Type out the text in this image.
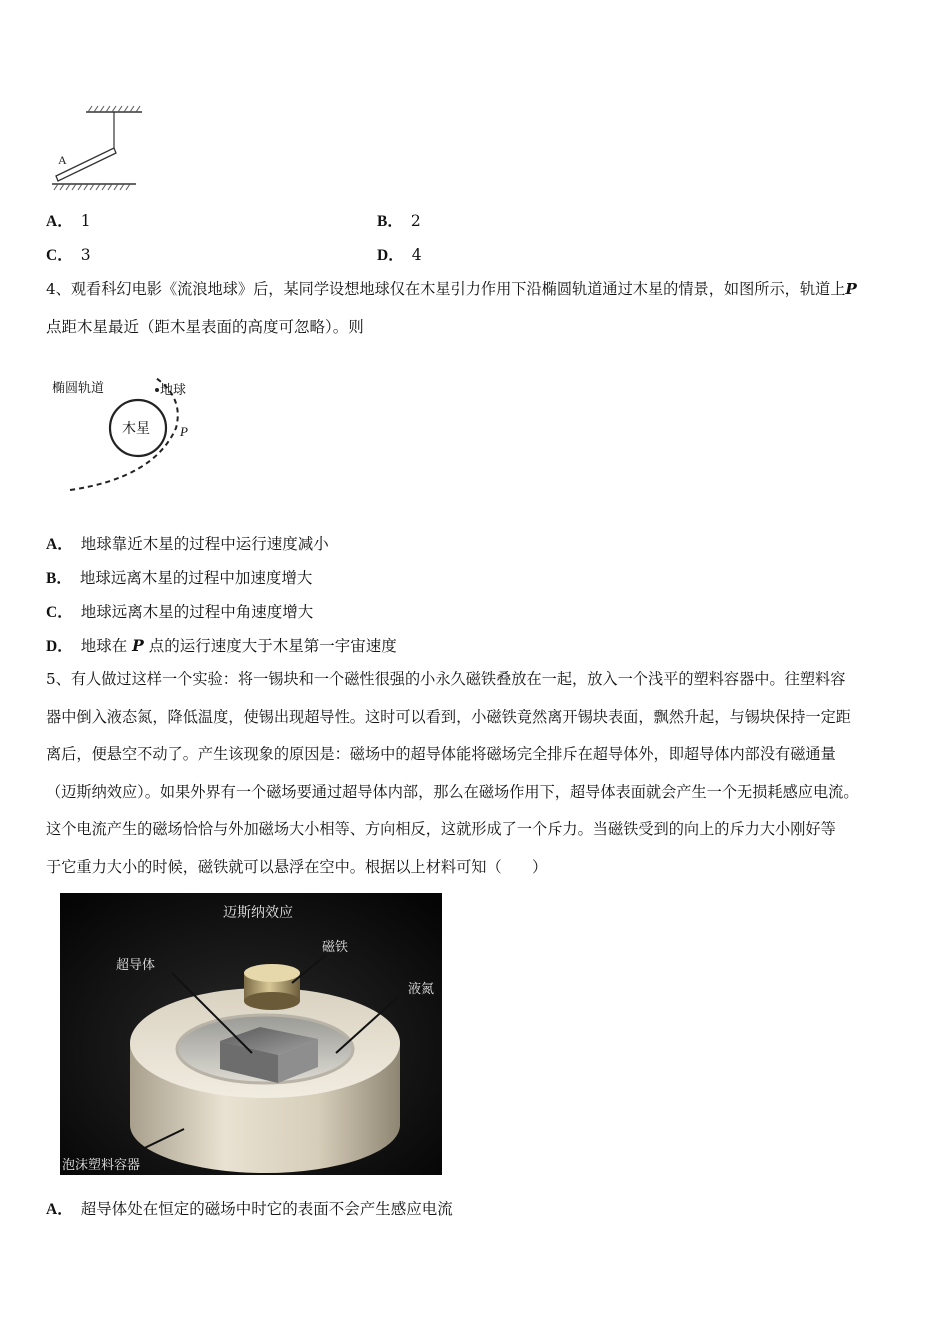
A
A． 1	B． 2
C． 3	D． 4
4、观看科幻电影《流浪地球》后，某同学设想地球仅在木星引力作用下沿椭圆轨道通过木星的情景，如图所示，轨道上P
点距木星最近（距木星表面的高度可忽略）。则
木星
椭圆轨道	地球
P
A． 地球靠近木星的过程中运行速度减小
B． 地球远离木星的过程中加速度增大
C． 地球远离木星的过程中角速度增大
D． 地球在 P 点的运行速度大于木星第一宇宙速度
5、有人做过这样一个实验：将一锡块和一个磁性很强的小永久磁铁叠放在一起，放入一个浅平的塑料容器中。往塑料容
器中倒入液态氮，降低温度，使锡出现超导性。这时可以看到，小磁铁竟然离开锡块表面，飘然升起，与锡块保持一定距
离后，便悬空不动了。产生该现象的原因是：磁场中的超导体能将磁场完全排斥在超导体外，即超导体内部没有磁通量
（迈斯纳效应）。如果外界有一个磁场要通过超导体内部，那么在磁场作用下，超导体表面就会产生一个无损耗感应电流。
这个电流产生的磁场恰恰与外加磁场大小相等、方向相反，这就形成了一个斥力。当磁铁受到的向上的斥力大小刚好等
于它重力大小的时候，磁铁就可以悬浮在空中。根据以上材料可知（　　）
迈斯纳效应
超导体
磁铁
液氮
泡沫塑料容器
A． 超导体处在恒定的磁场中时它的表面不会产生感应电流
